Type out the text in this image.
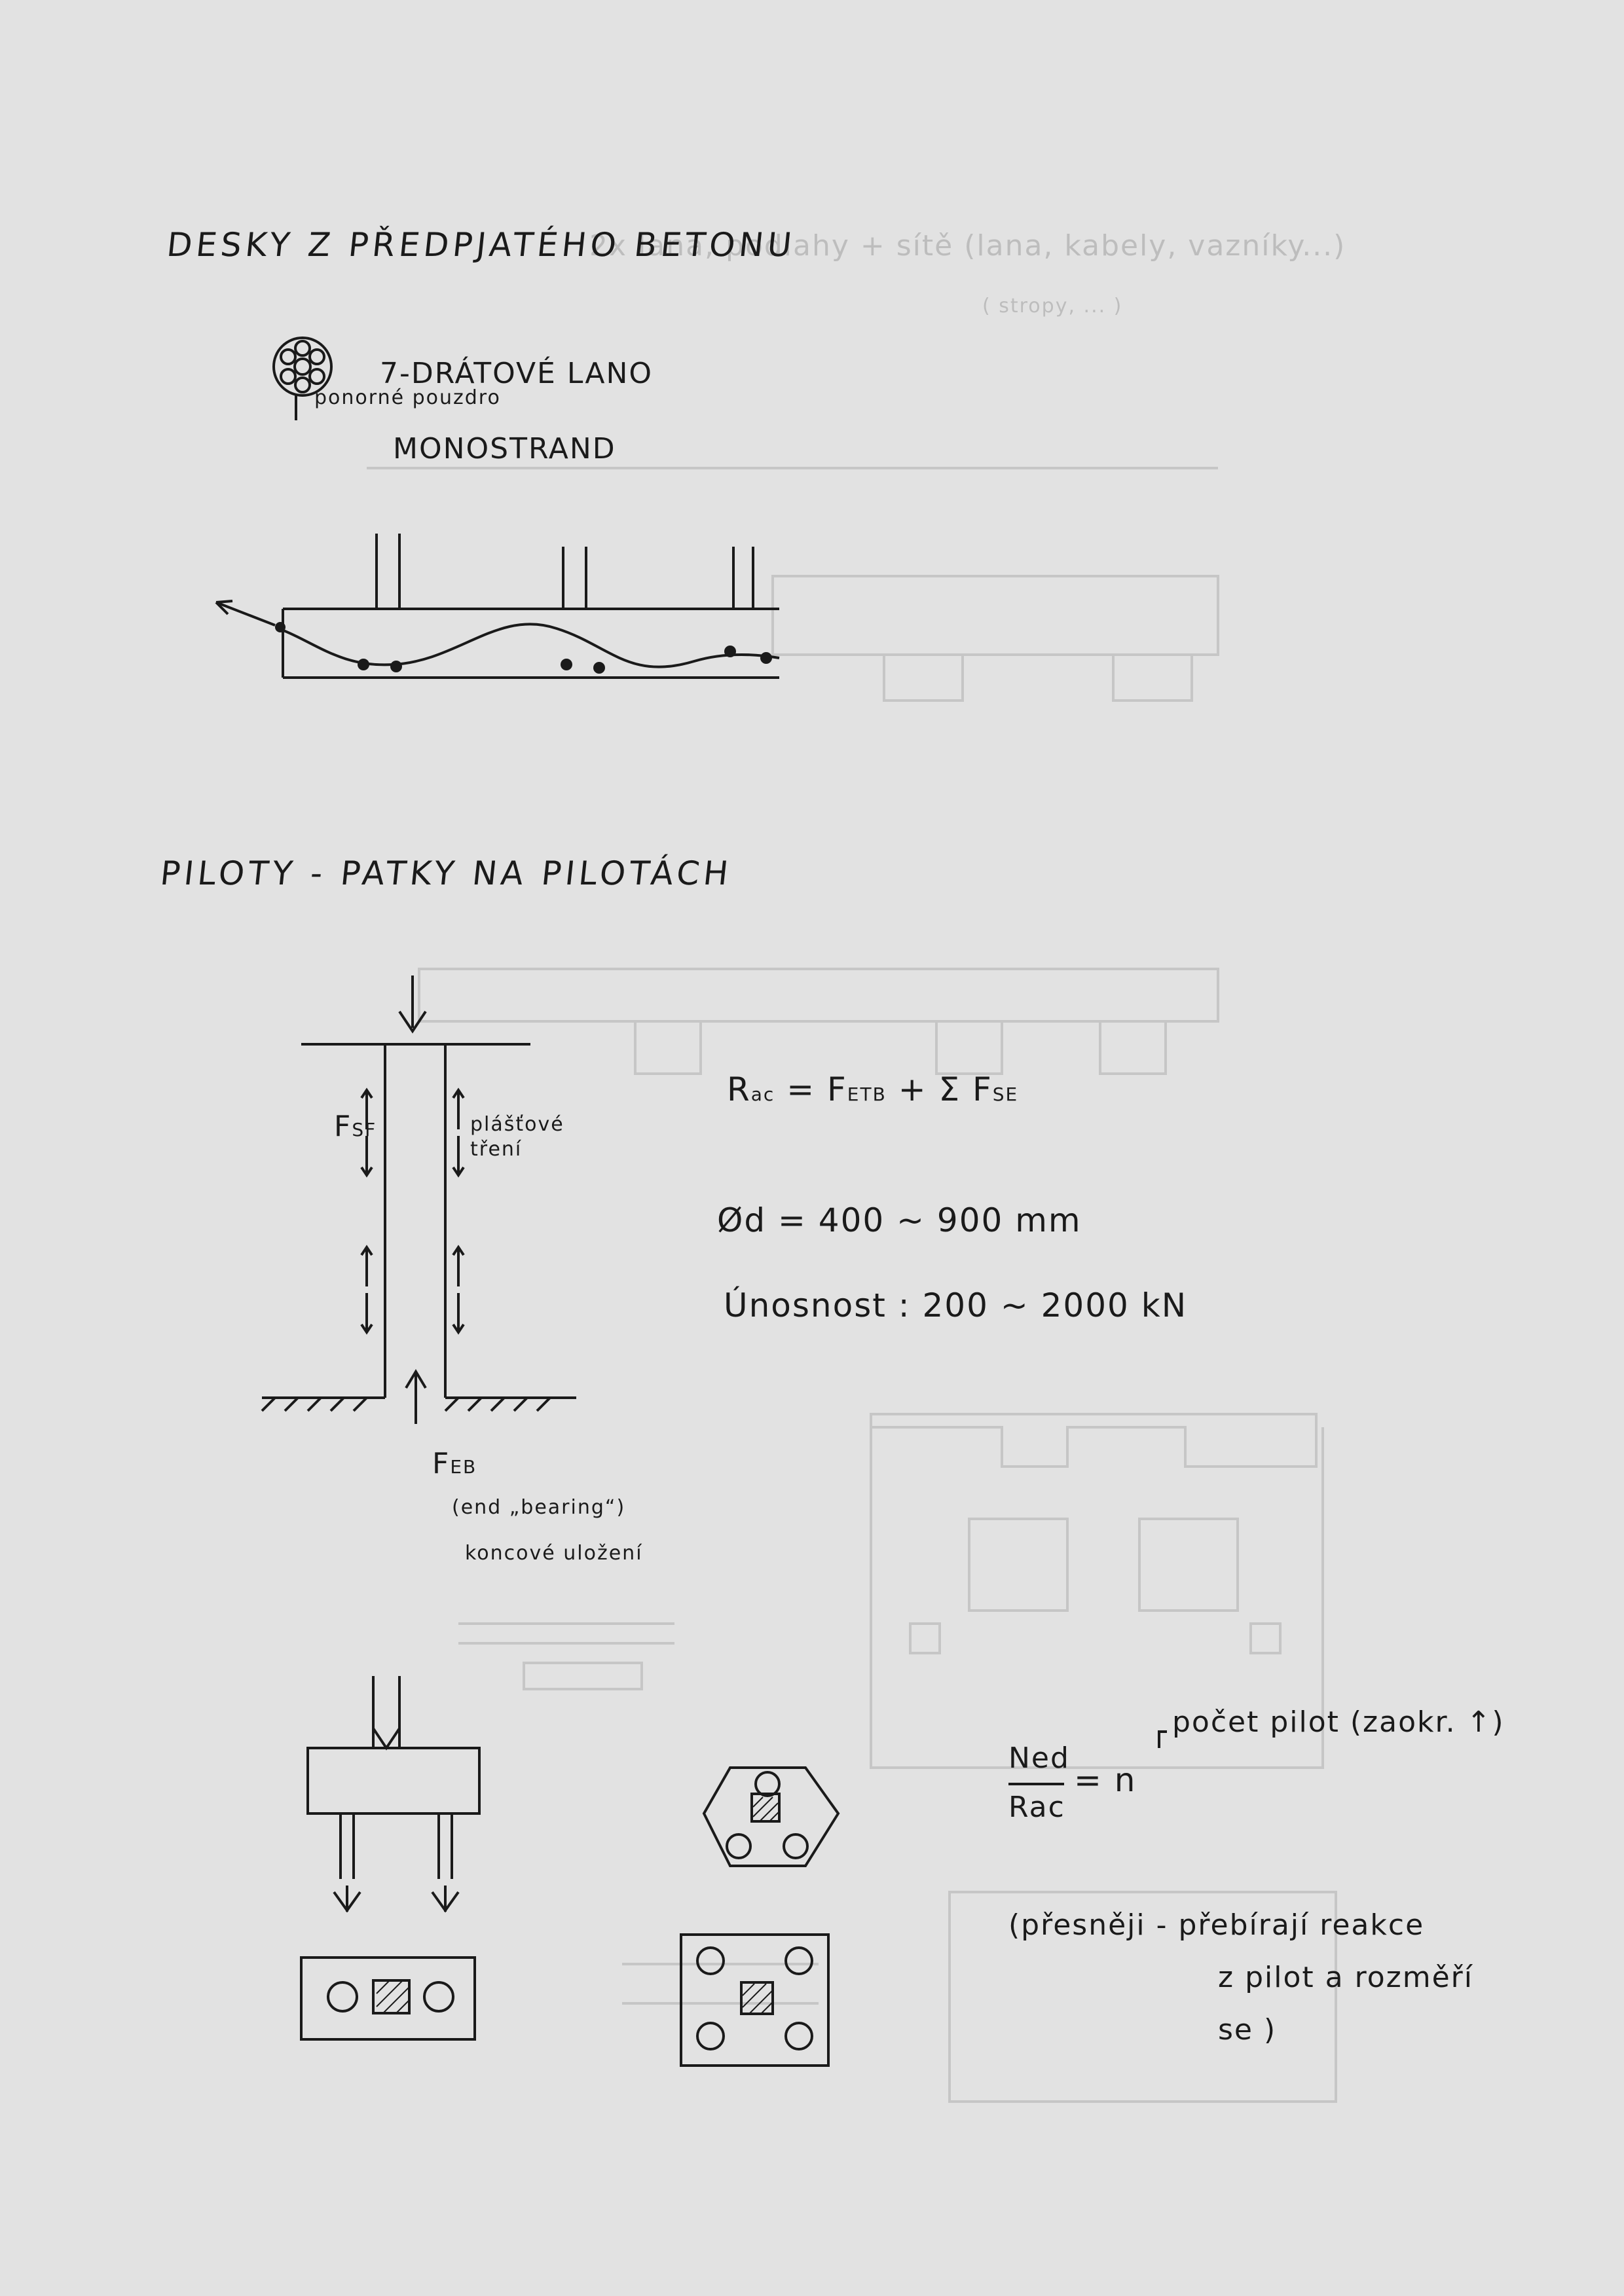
2x lana, podlahy + sítě (lana, kabely, vazníky...)
( stropy, ... )
DESKY Z PŘEDPJATÉHO BETONU
7-DRÁTOVÉ LANO
ponorné pouzdro
MONOSTRAND
PILOTY - PATKY NA PILOTÁCH
FSF	plášťové
tření
FEB
(end „bearing“)
koncové uložení
Rac = FETB + Σ FSE
Ød = 400 ~ 900 mm
Únosnost : 200 ~ 2000 kN
Ned
Rac
= n
počet pilot (zaokr. ↑)
(přesněji - přebírají reakce
z pilot a rozměří
se )
